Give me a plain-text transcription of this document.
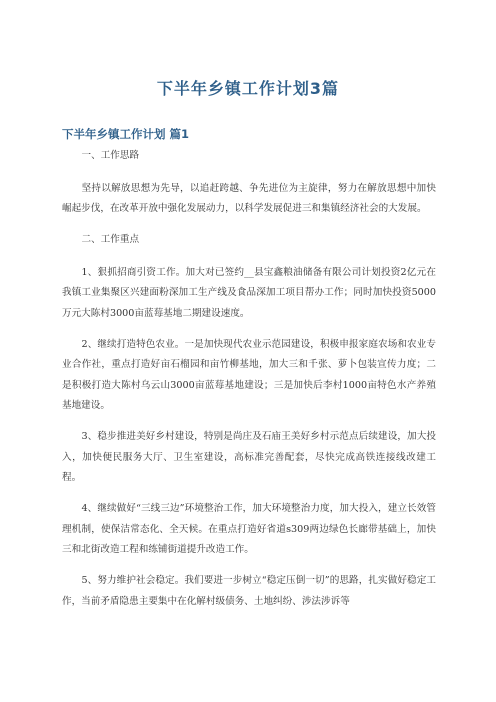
下半年乡镇工作计划3篇
下半年乡镇工作计划 篇1

一、工作思路

坚持以解放思想为先导，以追赶跨越、争先进位为主旋律，努力在解放思想中加快崛起步伐，在改革开放中强化发展动力，以科学发展促进三和集镇经济社会的大发展。

二、工作重点

1、狠抓招商引资工作。加大对已签约__县宝鑫粮油储备有限公司计划投资2亿元在我镇工业集聚区兴建面粉深加工生产线及食品深加工项目帮办工作；同时加快投资5000万元大陈村3000亩蓝莓基地二期建设速度。

2、继续打造特色农业。一是加快现代农业示范园建设，积极申报家庭农场和农业专业合作社，重点打造好亩石榴园和亩竹柳基地，加大三和千张、萝卜包装宣传力度；二是积极打造大陈村乌云山3000亩蓝莓基地建设；三是加快后李村1000亩特色水产养殖基地建设。

3、稳步推进美好乡村建设，特别是尚庄及石庙王美好乡村示范点后续建设，加大投入，加快便民服务大厅、卫生室建设，高标准完善配套，尽快完成高铁连接线改建工程。

4、继续做好“三线三边”环境整治工作，加大环境整治力度，加大投入，建立长效管理机制，使保洁常态化、全天候。在重点打造好省道s309两边绿色长廊带基础上，加快三和北街改造工程和练铺街道提升改造工作。

5、努力维护社会稳定。我们要进一步树立“稳定压倒一切”的思路，扎实做好稳定工作，当前矛盾隐患主要集中在化解村级债务、土地纠纷、涉法涉诉等
